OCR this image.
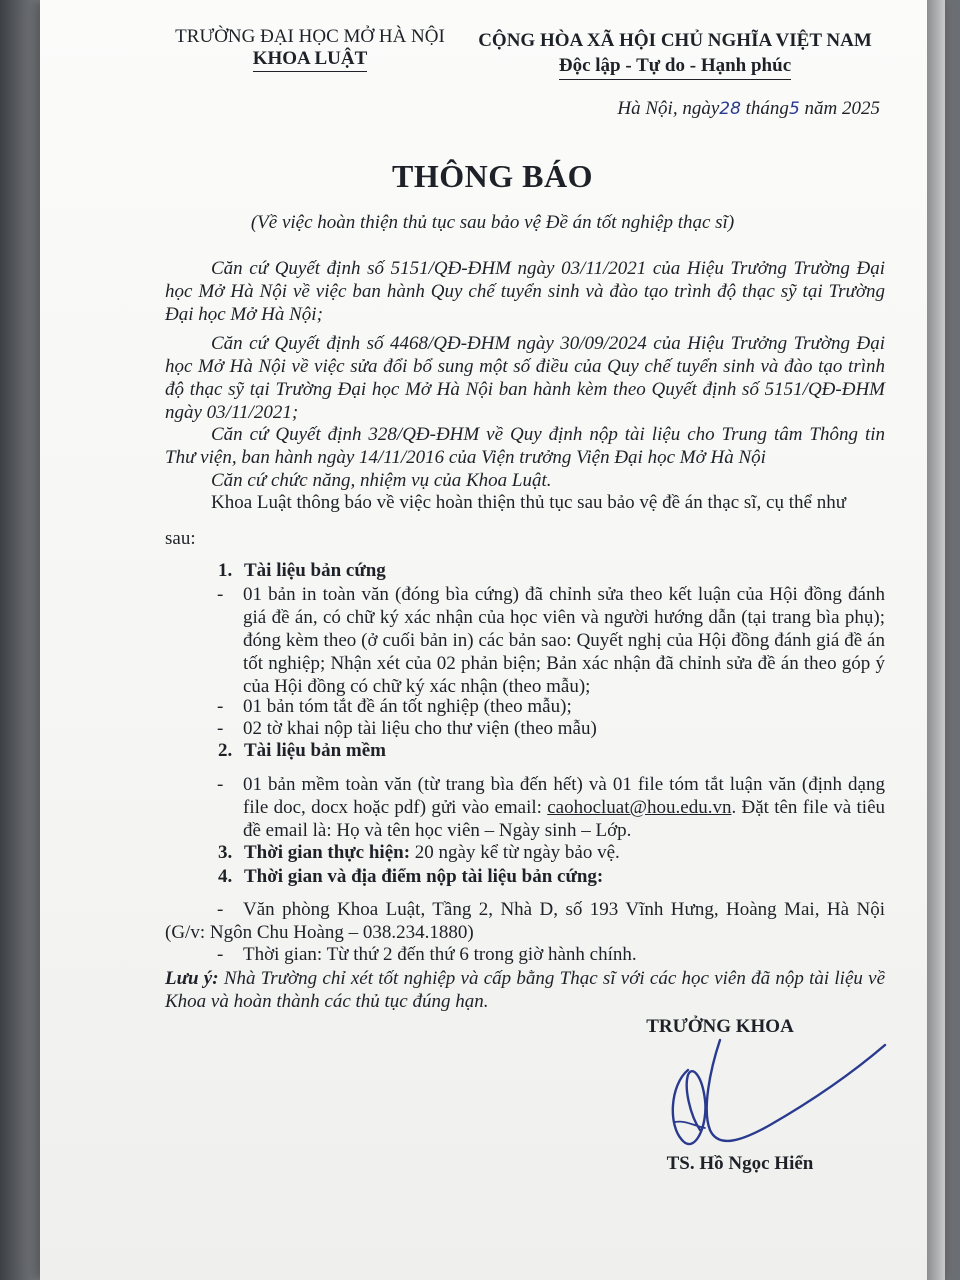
TRƯỜNG ĐẠI HỌC MỞ HÀ NỘI
KHOA LUẬT
CỘNG HÒA XÃ HỘI CHỦ NGHĨA VIỆT NAM
Độc lập - Tự do - Hạnh phúc
Hà Nội, ngày28 tháng5 năm 2025
THÔNG BÁO
(Về việc hoàn thiện thủ tục sau bảo vệ Đề án tốt nghiệp thạc sĩ)
Căn cứ Quyết định số 5151/QĐ-ĐHM ngày 03/11/2021 của Hiệu Trưởng Trường Đại học Mở Hà Nội về việc ban hành Quy chế tuyển sinh và đào tạo trình độ thạc sỹ tại Trường Đại học Mở Hà Nội;
Căn cứ Quyết định số 4468/QĐ-ĐHM ngày 30/09/2024 của Hiệu Trưởng Trường Đại học Mở Hà Nội về việc sửa đổi bổ sung một số điều của Quy chế tuyển sinh và đào tạo trình độ thạc sỹ tại Trường Đại học Mở Hà Nội ban hành kèm theo Quyết định số 5151/QĐ-ĐHM ngày 03/11/2021;
Căn cứ Quyết định 328/QĐ-ĐHM về Quy định nộp tài liệu cho Trung tâm Thông tin Thư viện, ban hành ngày 14/11/2016 của Viện trưởng Viện Đại học Mở Hà Nội
Căn cứ chức năng, nhiệm vụ của Khoa Luật.
Khoa Luật thông báo về việc hoàn thiện thủ tục sau bảo vệ đề án thạc sĩ, cụ thể như
sau:
1. Tài liệu bản cứng
- 01 bản in toàn văn (đóng bìa cứng) đã chỉnh sửa theo kết luận của Hội đồng đánh giá đề án, có chữ ký xác nhận của học viên và người hướng dẫn (tại trang bìa phụ); đóng kèm theo (ở cuối bản in) các bản sao: Quyết nghị của Hội đồng đánh giá đề án tốt nghiệp; Nhận xét của 02 phản biện; Bản xác nhận đã chỉnh sửa đề án theo góp ý của Hội đồng có chữ ký xác nhận (theo mẫu);
- 01 bản tóm tắt đề án tốt nghiệp (theo mẫu);
- 02 tờ khai nộp tài liệu cho thư viện (theo mẫu)
2. Tài liệu bản mềm
- 01 bản mềm toàn văn (từ trang bìa đến hết) và 01 file tóm tắt luận văn (định dạng file doc, docx hoặc pdf) gửi vào email: caohocluat@hou.edu.vn. Đặt tên file và tiêu đề email là: Họ và tên học viên – Ngày sinh – Lớp.
3. Thời gian thực hiện: 20 ngày kể từ ngày bảo vệ.
4. Thời gian và địa điểm nộp tài liệu bản cứng:
- Văn phòng Khoa Luật, Tầng 2, Nhà D, số 193 Vĩnh Hưng, Hoàng Mai, Hà Nội (G/v: Ngôn Chu Hoàng – 038.234.1880)
- Thời gian: Từ thứ 2 đến thứ 6 trong giờ hành chính.
Lưu ý: Nhà Trường chỉ xét tốt nghiệp và cấp bằng Thạc sĩ với các học viên đã nộp tài liệu về Khoa và hoàn thành các thủ tục đúng hạn.
TRƯỞNG KHOA
TS. Hồ Ngọc Hiển
